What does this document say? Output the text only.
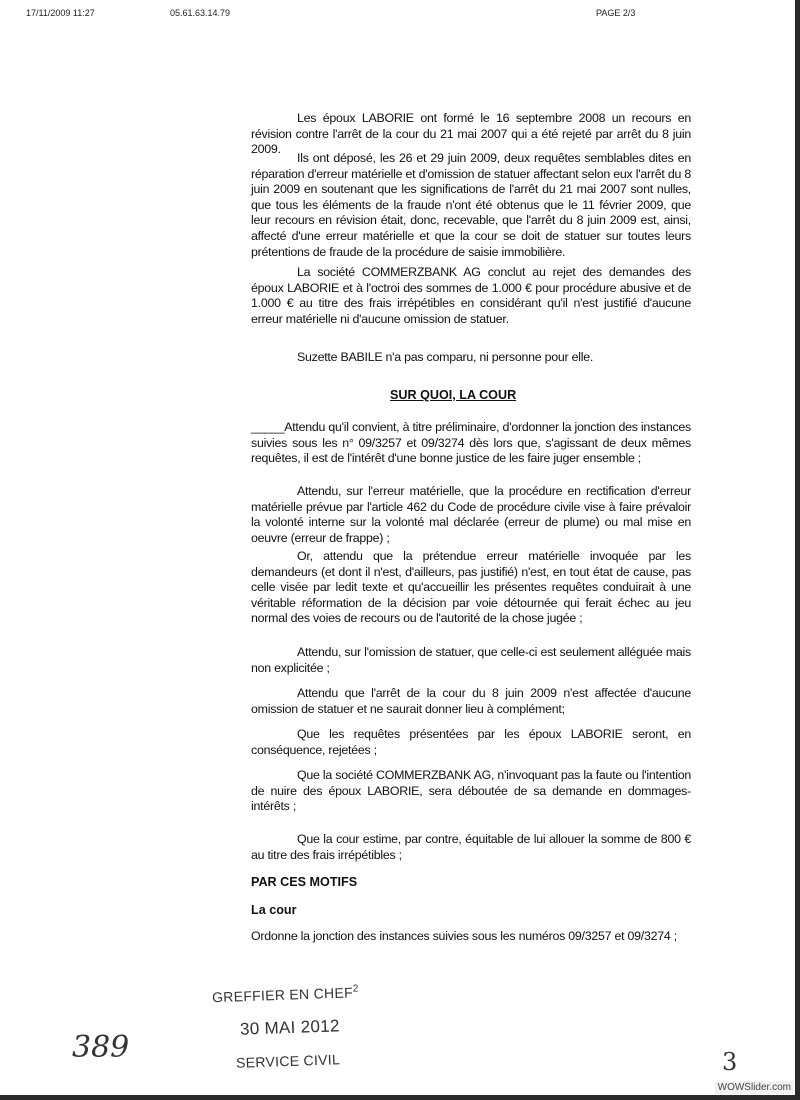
17/11/2009 11:27	05.61.63.14.79	PAGE 2/3
Les époux LABORIE ont formé le 16 septembre 2008 un recours en révision contre l'arrêt de la cour du 21 mai 2007 qui a été rejeté par arrêt du 8 juin 2009.
Ils ont déposé, les 26 et 29 juin 2009, deux requêtes semblables dites en réparation d'erreur matérielle et d'omission de statuer affectant selon eux l'arrêt du 8 juin 2009 en soutenant que les significations de l'arrêt du 21 mai 2007 sont nulles, que tous les éléments de la fraude n'ont été obtenus que le 11 février 2009, que leur recours en révision était, donc, recevable, que l'arrêt du 8 juin 2009 est, ainsi, affecté d'une erreur matérielle et que la cour se doit de statuer sur toutes leurs prétentions de fraude de la procédure de saisie immobilière.
La société COMMERZBANK AG conclut au rejet des demandes des époux LABORIE et à l'octroi des sommes de 1.000 € pour procédure abusive et de 1.000 € au titre des frais irrépétibles en considérant qu'il n'est justifié d'aucune erreur matérielle ni d'aucune omission de statuer.
Suzette BABILE n'a pas comparu, ni personne pour elle.
SUR QUOI, LA COUR
_____Attendu qu'il convient, à titre préliminaire, d'ordonner la jonction des instances suivies sous les n° 09/3257 et 09/3274 dès lors que, s'agissant de deux mêmes requêtes, il est de l'intérêt d'une bonne justice de les faire juger ensemble ;
Attendu, sur l'erreur matérielle, que la procédure en rectification d'erreur matérielle prévue par l'article 462 du Code de procédure civile vise à faire prévaloir la volonté interne sur la volonté mal déclarée (erreur de plume) ou mal mise en oeuvre (erreur de frappe) ;
Or, attendu que la prétendue erreur matérielle invoquée par les demandeurs (et dont il n'est, d'ailleurs, pas justifié) n'est, en tout état de cause, pas celle visée par ledit texte et qu'accueillir les présentes requêtes conduirait à une véritable réformation de la décision par voie détournée qui ferait échec au jeu normal des voies de recours ou de l'autorité de la chose jugée ;
Attendu, sur l'omission de statuer, que celle-ci est seulement alléguée mais non explicitée ;
Attendu que l'arrêt de la cour du 8 juin 2009 n'est affectée d'aucune omission de statuer et ne saurait donner lieu à complément;
Que les requêtes présentées par les époux LABORIE seront, en conséquence, rejetées ;
Que la société COMMERZBANK AG, n'invoquant pas la faute ou l'intention de nuire des époux LABORIE, sera déboutée de sa demande en dommages-intérêts ;
Que la cour estime, par contre, équitable de lui allouer la somme de 800 € au titre des frais irrépétibles ;
PAR CES MOTIFS
La cour
Ordonne la jonction des instances suivies sous les numéros 09/3257 et 09/3274 ;
GREFFIER EN CHEF$^2$
30 MAI 2012
SERVICE CIVIL
389	3
WOWSlider.com
